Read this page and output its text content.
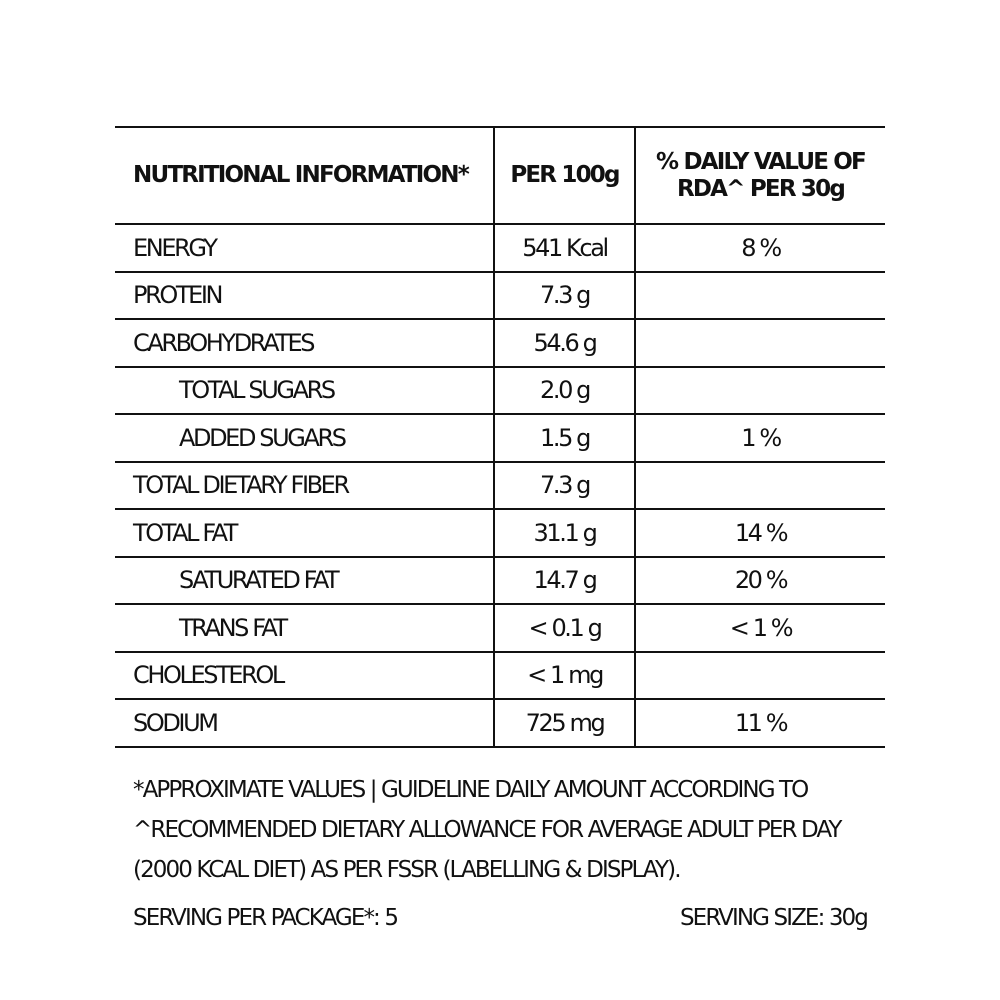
NUTRITIONAL INFORMATION*	PER 100g	% DAILY VALUE OF
RDA^ PER 30g

ENERGY	541 Kcal	8 %
PROTEIN	7.3 g	
CARBOHYDRATES	54.6 g	
TOTAL SUGARS	2.0 g	
ADDED SUGARS	1.5 g	1 %
TOTAL DIETARY FIBER	7.3 g	
TOTAL FAT	31.1 g	14 %
SATURATED FAT	14.7 g	20 %
TRANS FAT	< 0.1 g	< 1 %
CHOLESTEROL	< 1 mg	
SODIUM	725 mg	11 %

*APPROXIMATE VALUES | GUIDELINE DAILY AMOUNT ACCORDING TO

^RECOMMENDED DIETARY ALLOWANCE FOR AVERAGE ADULT PER DAY

(2000 KCAL DIET) AS PER FSSR (LABELLING & DISPLAY).

SERVING PER PACKAGE*: 5	SERVING SIZE: 30g
